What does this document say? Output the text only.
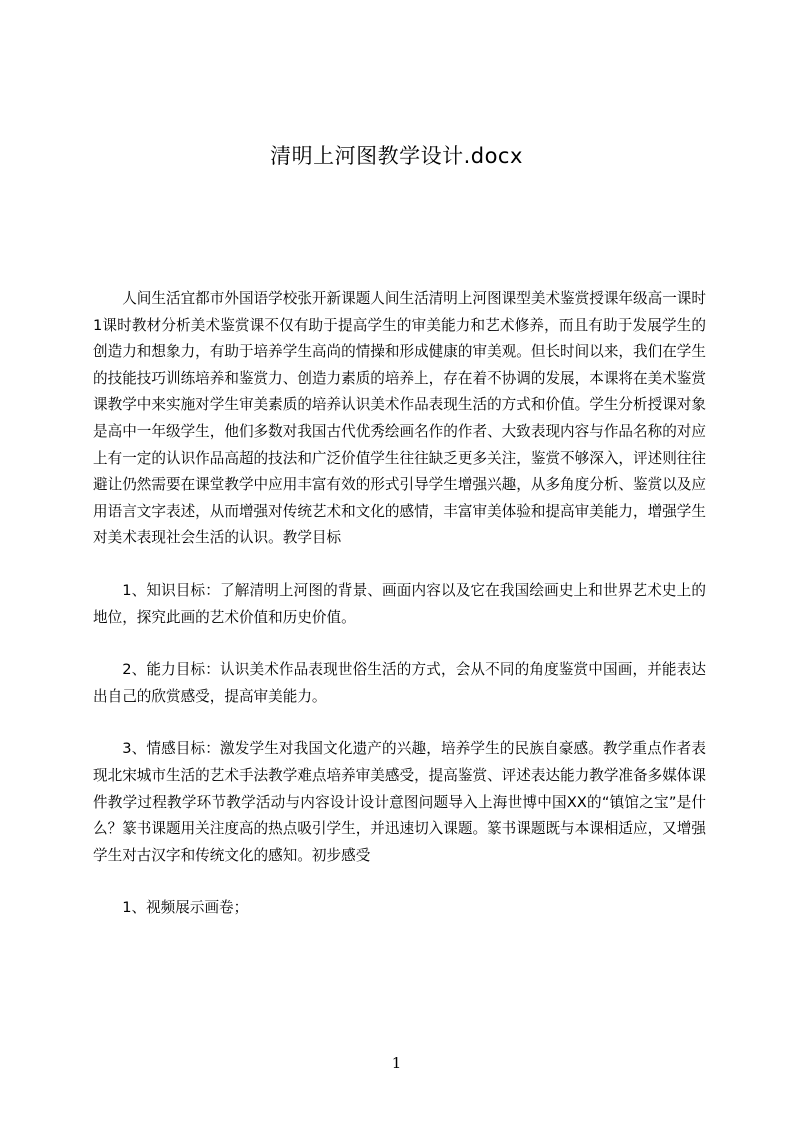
清明上河图教学设计.docx

人间生活宜都市外国语学校张开新课题人间生活清明上河图课型美术鉴赏授课年级高一课时1课时教材分析美术鉴赏课不仅有助于提高学生的审美能力和艺术修养，而且有助于发展学生的创造力和想象力，有助于培养学生高尚的情操和形成健康的审美观。但长时间以来，我们在学生的技能技巧训练培养和鉴赏力、创造力素质的培养上，存在着不协调的发展，本课将在美术鉴赏课教学中来实施对学生审美素质的培养认识美术作品表现生活的方式和价值。学生分析授课对象是高中一年级学生，他们多数对我国古代优秀绘画名作的作者、大致表现内容与作品名称的对应上有一定的认识作品高超的技法和广泛价值学生往往缺乏更多关注，鉴赏不够深入，评述则往往避让仍然需要在课堂教学中应用丰富有效的形式引导学生增强兴趣，从多角度分析、鉴赏以及应用语言文字表述，从而增强对传统艺术和文化的感情，丰富审美体验和提高审美能力，增强学生对美术表现社会生活的认识。教学目标

1、知识目标：了解清明上河图的背景、画面内容以及它在我国绘画史上和世界艺术史上的地位，探究此画的艺术价值和历史价值。

2、能力目标：认识美术作品表现世俗生活的方式，会从不同的角度鉴赏中国画，并能表达出自己的欣赏感受，提高审美能力。

3、情感目标：激发学生对我国文化遗产的兴趣，培养学生的民族自豪感。教学重点作者表现北宋城市生活的艺术手法教学难点培养审美感受，提高鉴赏、评述表达能力教学准备多媒体课件教学过程教学环节教学活动与内容设计设计意图问题导入上海世博中国XX的“镇馆之宝”是什么？篆书课题用关注度高的热点吸引学生，并迅速切入课题。篆书课题既与本课相适应，又增强学生对古汉字和传统文化的感知。初步感受

1、视频展示画卷；

1
